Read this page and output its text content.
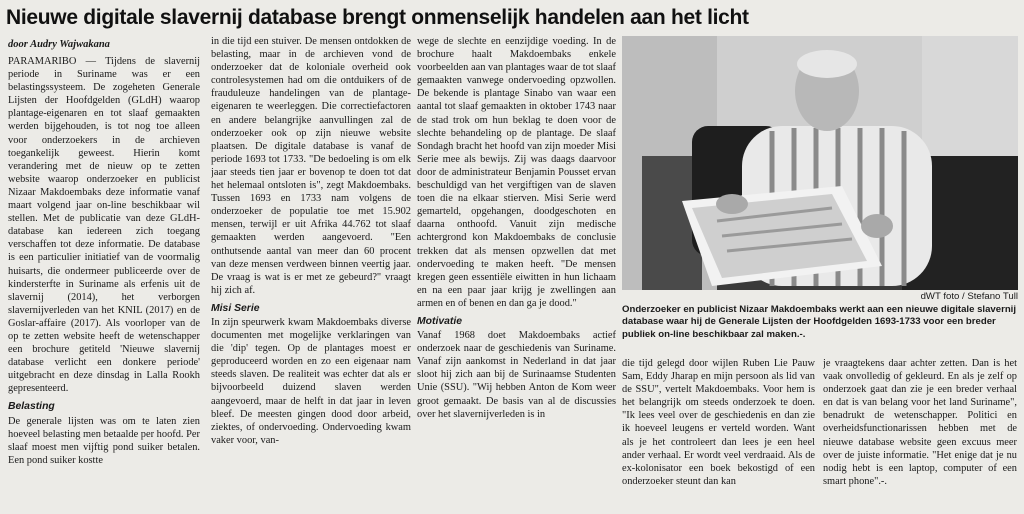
Nieuwe digitale slavernij database brengt onmenselijk handelen aan het licht
door Audry Wajwakana

PARAMARIBO — Tijdens de slavernij periode in Suriname was er een belastingssysteem. De zogeheten Generale Lijsten der Hoofdgelden (GLdH) waarop plantage-eigenaren en tot slaaf gemaakten werden bijgehouden, is tot nog toe alleen voor onderzoekers in de archieven toegankelijk geweest. Hierin komt verandering met de nieuw op te zetten website waarop onderzoeker en publicist Nizaar Makdoembaks deze informatie vanaf maart volgend jaar on-line beschikbaar wil stellen. Met de publicatie van deze GLdH-database kan iedereen zich toegang verschaffen tot deze informatie. De database is een particulier initiatief van de voormalig huisarts, die ondermeer publiceerde over de kindersterfte in Suriname als erfenis uit de slavernij (2014), het verborgen slavernijverleden van het KNIL (2017) en de Goslar-affaire (2017). Als voorloper van de op te zetten website heeft de wetenschapper een brochure getiteld 'Nieuwe slavernij database verlicht een donkere periode' uitgebracht en deze dinsdag in Lalla Rookh gepresenteerd.

Belasting

De generale lijsten was om te laten zien hoeveel belasting men betaalde per hoofd. Per slaaf moest men vijftig pond suiker betalen. Een pond suiker kostte

in die tijd een stuiver. De mensen ontdokken de belasting, maar in de archieven vond de onderzoeker dat de koloniale overheid ook controlesystemen had om die ontduikers of de frauduleuze handelingen van de plantage-eigenaren te weerleggen. Die correctiefactoren en andere belangrijke aanvullingen zal de onderzoeker ook op zijn nieuwe website plaatsen. De digitale database is vanaf de periode 1693 tot 1733. "De bedoeling is om elk jaar steeds tien jaar er bovenop te doen tot dat het helemaal ontsloten is", zegt Makdoembaks. Tussen 1693 en 1733 nam volgens de onderzoeker de populatie toe met 15.902 mensen, terwijl er uit Afrika 44.762 tot slaaf gemaakten werden aangevoerd. "Een onthutsende aantal van meer dan 60 procent van deze mensen verdween binnen veertig jaar. De vraag is wat is er met ze gebeurd?" vraagt hij zich af.

Misi Serie

In zijn speurwerk kwam Makdoembaks diverse documenten met mogelijke verklaringen van die 'dip' tegen. Op de plantages moest er geproduceerd worden en zo een eigenaar nam steeds slaven. De realiteit was echter dat als er bijvoorbeeld duizend slaven werden aangevoerd, maar de helft in dat jaar in leven bleef. De meesten gingen dood door arbeid, ziektes, of ondervoeding. Ondervoeding kwam vaker voor, van-

wege de slechte en eenzijdige voeding. In de brochure haalt Makdoembaks enkele voorbeelden aan van plantages waar de tot slaaf gemaakten vanwege ondervoeding opzwollen. De bekende is plantage Sinabo van waar een aantal tot slaaf gemaakten in oktober 1743 naar de stad trok om hun beklag te doen voor de slechte behandeling op de plantage. De slaaf Sondagh bracht het hoofd van zijn moeder Misi Serie mee als bewijs. Zij was daags daarvoor door de administrateur Benjamin Pousset ervan beschuldigd van het vergiftigen van de slaven toen die na elkaar stierven. Misi Serie werd gemarteld, opgehangen, doodgeschoten en daarna onthoofd. Vanuit zijn medische achtergrond kon Makdoembaks de conclusie trekken dat als mensen opzwellen dat met ondervoeding te maken heeft. "De mensen kregen geen essentiële eiwitten in hun lichaam en na een paar jaar krijg je zwellingen aan armen en of benen en dan ga je dood."

Motivatie

Vanaf 1968 doet Makdoembaks actief onderzoek naar de geschiedenis van Suriname. Vanaf zijn aankomst in Nederland in dat jaar sloot hij zich aan bij de Surinaamse Studenten Unie (SSU). "Wij hebben Anton de Kom weer groot gemaakt. De basis van al de discussies over het slavernijverleden is in

dWT foto / Stefano Tull
Onderzoeker en publicist Nizaar Makdoembaks werkt aan een nieuwe digitale slavernij database waar hij de Generale Lijsten der Hoofdgelden 1693-1733 voor een breder publiek on-line beschikbaar zal maken.-.

die tijd gelegd door wijlen Ruben Lie Pauw Sam, Eddy Jharap en mijn persoon als lid van de SSU", vertelt Makdoembaks. Voor hem is het belangrijk om steeds onderzoek te doen. "Ik lees veel over de geschiedenis en dan zie ik hoeveel leugens er verteld worden. Want als je het controleert dan lees je een heel ander verhaal. Er wordt veel verdraaid. Als de ex-kolonisator een boek bekostigd of een onderzoeker steunt dan kan

je vraagtekens daar achter zetten. Dan is het vaak onvolledig of gekleurd. En als je zelf op onderzoek gaat dan zie je een breder verhaal en dat is van belang voor het land Suriname", benadrukt de wetenschapper. Politici en overheidsfunctionarissen hebben met de nieuwe database website geen excuus meer over de juiste informatie. "Het enige dat je nu nodig hebt is een laptop, computer of een smart phone".-.
